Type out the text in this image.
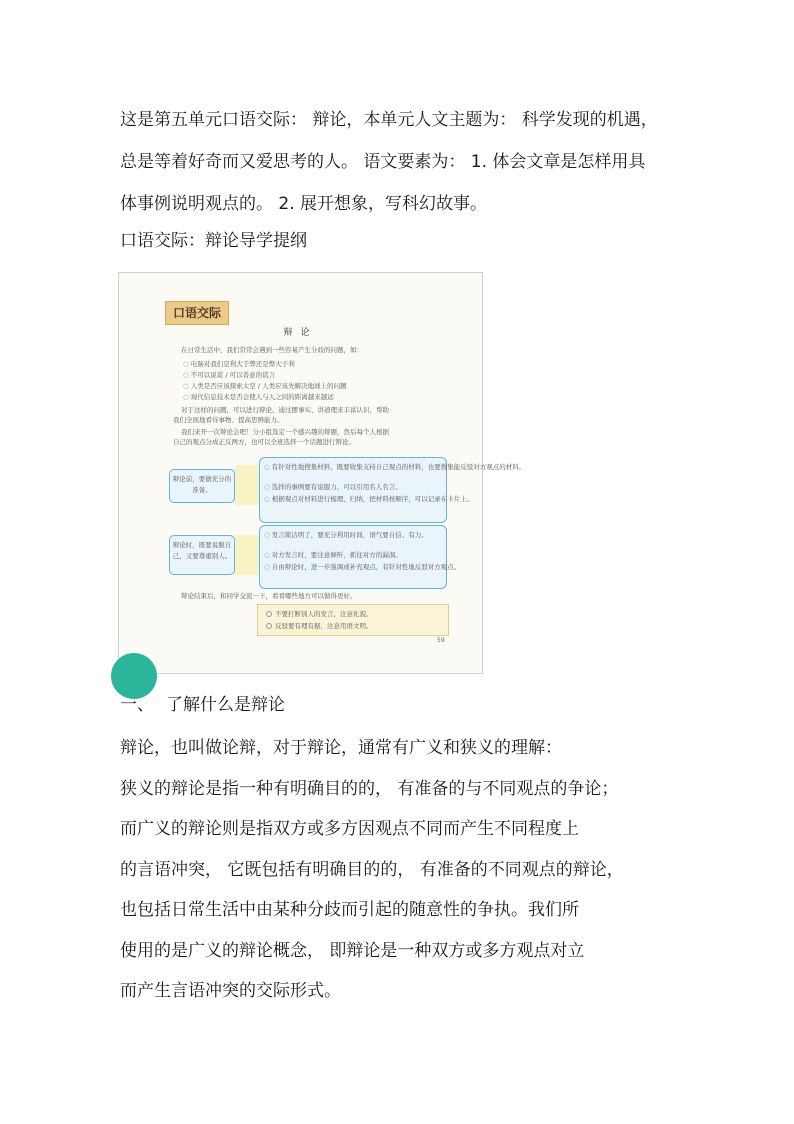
这是第五单元口语交际： 辩论，本单元人文主题为： 科学发现的机遇，
总是等着好奇而又爱思考的人。 语文要素为： 1. 体会文章是怎样用具
体事例说明观点的。 2. 展开想象，写科幻故事。

口语交际：辩论导学提纲

口语交际
辩论
在日常生活中，我们常常会遇到一些容易产生分歧的问题，如：
○ 电脑对我们是利大于弊还是弊大于利
○ 不可以说谎 / 可以善意的谎言
○ 人类是否应该探索太空 / 人类应该先解决地球上的问题
○ 现代信息技术是否会使人与人之间的距离越来越远
对于这样的问题，可以进行辩论。通过摆事实、讲道理来丰富认识，帮助
我们全面地看待事物、提高思辨能力。
我们来开一次辩论会吧！分小组选定一个感兴趣的辩题，然后每个人根据
自己的观点分成正反两方，也可以全班选择一个话题进行辩论。
辩论前，要做充分的准备。
○ 有针对性地搜集材料，既要收集支持自己观点的材料，也要搜集能反驳对方观点的材料。
○ 选择的事例要有说服力，可以引用名人名言。
○ 根据观点对材料进行梳理、归纳，把材料按顺序，可以记录在卡片上。
辩论时，既要说服自己，又要尊重别人。
○ 发言简洁明了，要充分利用时间，语气要自信、有力。
○ 对方发言时，要注意倾听，抓住对方的漏洞。
○ 自由辩论时，进一步强调或补充观点，有针对性地反驳对方观点。
辩论结束后，和同学交流一下，看看哪些地方可以做得更好。
不要打断别人的发言，注意礼貌。
反驳要有理有据，注意用语文明。
59

一、 了解什么是辩论

辩论，也叫做论辩，对于辩论，通常有广义和狭义的理解：
狭义的辩论是指一种有明确目的的， 有准备的与不同观点的争论；
而广义的辩论则是指双方或多方因观点不同而产生不同程度上
的言语冲突， 它既包括有明确目的的， 有准备的不同观点的辩论，
也包括日常生活中由某种分歧而引起的随意性的争执。我们所
使用的是广义的辩论概念， 即辩论是一种双方或多方观点对立
而产生言语冲突的交际形式。
